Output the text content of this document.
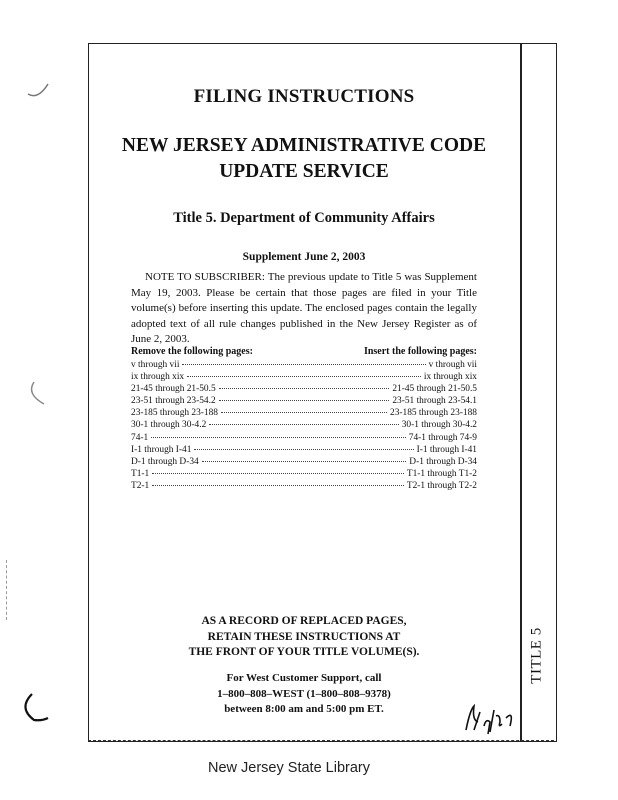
TITLE 5
FILING INSTRUCTIONS
NEW JERSEY ADMINISTRATIVE CODE
UPDATE SERVICE
Title 5. Department of Community Affairs
Supplement June 2, 2003
NOTE TO SUBSCRIBER: The previous update to Title 5 was Supplement May 19, 2003. Please be certain that those pages are filed in your Title volume(s) before inserting this update. The enclosed pages contain the legally adopted text of all rule changes published in the New Jersey Register as of June 2, 2003.
Remove the following pages:	Insert the following pages:
v through vii	v through vii
ix through xix	ix through xix
21-45 through 21-50.5	21-45 through 21-50.5
23-51 through 23-54.2	23-51 through 23-54.1
23-185 through 23-188	23-185 through 23-188
30-1 through 30-4.2	30-1 through 30-4.2
74-1	74-1 through 74-9
I-1 through I-41	I-1 through I-41
D-1 through D-34	D-1 through D-34
T1-1	T1-1 through T1-2
T2-1	T2-1 through T2-2
AS A RECORD OF REPLACED PAGES,
RETAIN THESE INSTRUCTIONS AT
THE FRONT OF YOUR TITLE VOLUME(S).
For West Customer Support, call
1–800–808–WEST (1–800–808–9378)
between 8:00 am and 5:00 pm ET.
New Jersey State Library
